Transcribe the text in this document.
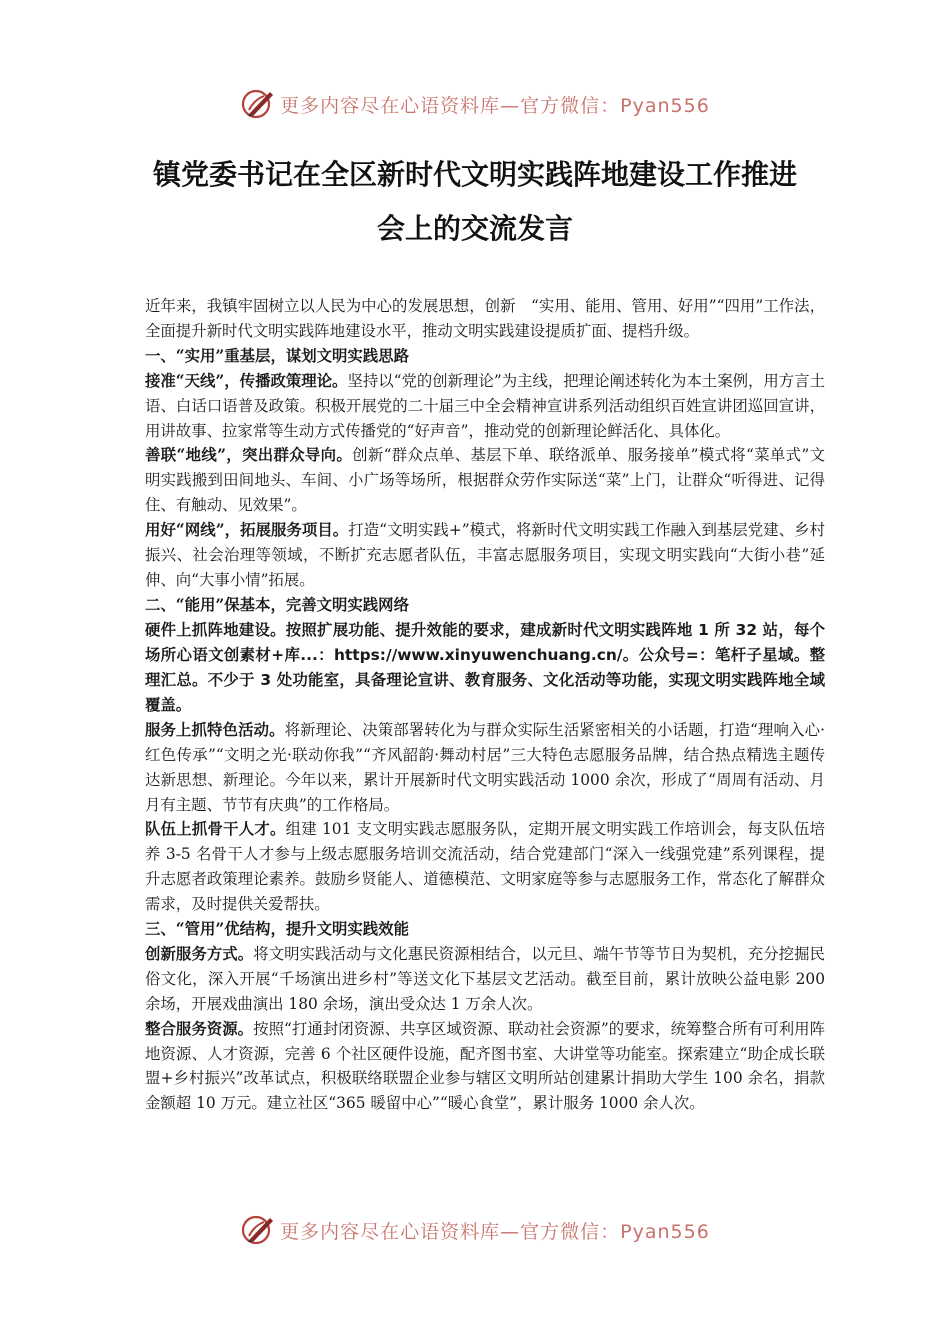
更多内容尽在心语资料库—官方微信：Pyan556
镇党委书记在全区新时代文明实践阵地建设工作推进
会上的交流发言

近年来，我镇牢固树立以人民为中心的发展思想，创新　“实用、能用、管用、好用”“四用”工作法，全面提升新时代文明实践阵地建设水平，推动文明实践建设提质扩面、提档升级。

一、“实用”重基层，谋划文明实践思路

接准“天线”，传播政策理论。坚持以“党的创新理论”为主线，把理论阐述转化为本土案例，用方言土语、白话口语普及政策。积极开展党的二十届三中全会精神宣讲系列活动组织百姓宣讲团巡回宣讲，用讲故事、拉家常等生动方式传播党的“好声音”，推动党的创新理论鲜活化、具体化。

善联“地线”，突出群众导向。创新“群众点单、基层下单、联络派单、服务接单”模式将“菜单式”文明实践搬到田间地头、车间、小广场等场所，根据群众劳作实际送“菜”上门，让群众“听得进、记得住、有触动、见效果”。

用好“网线”，拓展服务项目。打造“文明实践+”模式，将新时代文明实践工作融入到基层党建、乡村振兴、社会治理等领域，不断扩充志愿者队伍，丰富志愿服务项目，实现文明实践向“大街小巷”延伸、向“大事小情”拓展。

二、“能用”保基本，完善文明实践网络

硬件上抓阵地建设。按照扩展功能、提升效能的要求，建成新时代文明实践阵地 1 所 32 站，每个场所心语文创素材+库...：https://www.xinyuwenchuang.cn/。公众号=：笔杆子星域。整理汇总。不少于 3 处功能室，具备理论宣讲、教育服务、文化活动等功能，实现文明实践阵地全域覆盖。

服务上抓特色活动。将新理论、决策部署转化为与群众实际生活紧密相关的小话题，打造“理响入心·红色传承”“文明之光·联动你我”“齐风韶韵·舞动村居”三大特色志愿服务品牌，结合热点精选主题传达新思想、新理论。今年以来，累计开展新时代文明实践活动 1000 余次，形成了“周周有活动、月月有主题、节节有庆典”的工作格局。

队伍上抓骨干人才。组建 101 支文明实践志愿服务队，定期开展文明实践工作培训会，每支队伍培养 3-5 名骨干人才参与上级志愿服务培训交流活动，结合党建部门“深入一线强党建”系列课程，提升志愿者政策理论素养。鼓励乡贤能人、道德模范、文明家庭等参与志愿服务工作，常态化了解群众需求，及时提供关爱帮扶。

三、“管用”优结构，提升文明实践效能

创新服务方式。将文明实践活动与文化惠民资源相结合，以元旦、端午节等节日为契机，充分挖掘民俗文化，深入开展“千场演出进乡村”等送文化下基层文艺活动。截至目前，累计放映公益电影 200 余场，开展戏曲演出 180 余场，演出受众达 1 万余人次。

整合服务资源。按照“打通封闭资源、共享区域资源、联动社会资源”的要求，统筹整合所有可利用阵地资源、人才资源，完善 6 个社区硬件设施，配齐图书室、大讲堂等功能室。探索建立“助企成长联盟+乡村振兴”改革试点，积极联络联盟企业参与辖区文明所站创建累计捐助大学生 100 余名，捐款金额超 10 万元。建立社区“365 暖留中心”“暖心食堂”，累计服务 1000 余人次。

更多内容尽在心语资料库—官方微信：Pyan556
